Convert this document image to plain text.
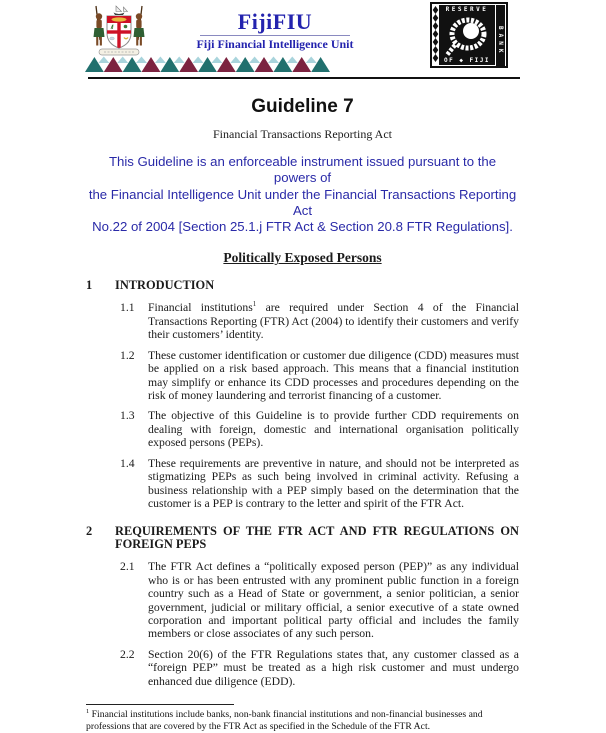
FijiFIU
Fiji Financial Intelligence Unit
RESERVE
BANK
OF ◆ FIJI
Guideline 7
Financial Transactions Reporting Act
This Guideline is an enforceable instrument issued pursuant to the powers of
the Financial Intelligence Unit under the Financial Transactions Reporting Act
No.22 of 2004 [Section 25.1.j FTR Act & Section 20.8 FTR Regulations].
Politically Exposed Persons
1	INTRODUCTION
1.1	Financial institutions$^1$ are required under Section 4 of the Financial Transactions Reporting (FTR) Act (2004) to identify their customers and verify their customers’ identity.
1.2	These customer identification or customer due diligence (CDD) measures must be applied on a risk based approach. This means that a financial institution may simplify or enhance its CDD processes and procedures depending on the risk of money laundering and terrorist financing of a customer.
1.3	The objective of this Guideline is to provide further CDD requirements on dealing with foreign, domestic and international organisation politically exposed persons (PEPs).
1.4	These requirements are preventive in nature, and should not be interpreted as stigmatizing PEPs as such being involved in criminal activity. Refusing a business relationship with a PEP simply based on the determination that the customer is a PEP is contrary to the letter and spirit of the FTR Act.
2	REQUIREMENTS OF THE FTR ACT AND FTR REGULATIONS ON FOREIGN PEPS
2.1	The FTR Act defines a “politically exposed person (PEP)” as any individual who is or has been entrusted with any prominent public function in a foreign country such as a Head of State or government, a senior politician, a senior government, judicial or military official, a senior executive of a state owned corporation and important political party official and includes the family members or close associates of any such person.
2.2	Section 20(6) of the FTR Regulations states that, any customer classed as a “foreign PEP” must be treated as a high risk customer and must undergo enhanced due diligence (EDD).
$^1$ Financial institutions include banks, non-bank financial institutions and non-financial businesses and professions that are covered by the FTR Act as specified in the Schedule of the FTR Act.
